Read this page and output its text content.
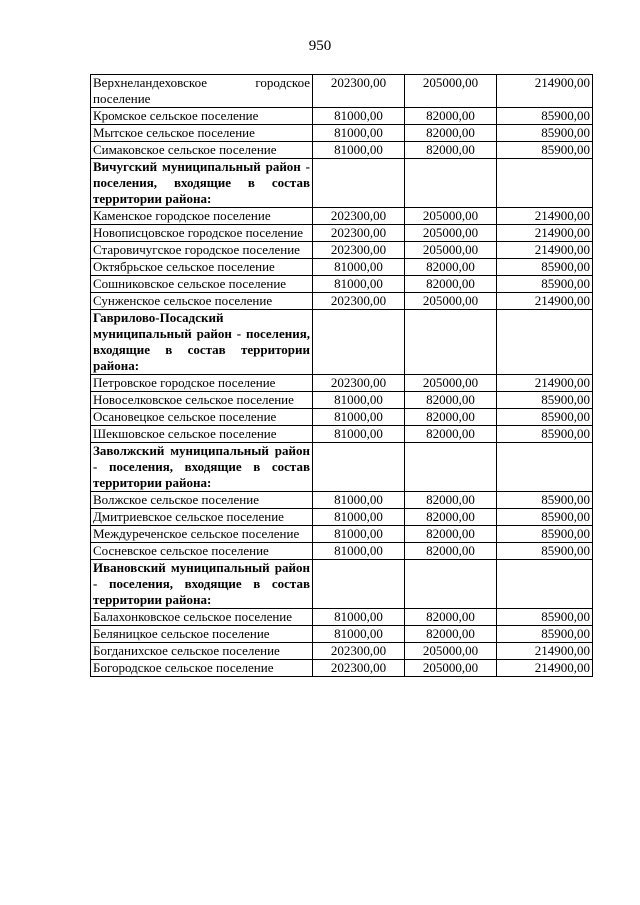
950
Верхнеландеховское городское поселение	202300,00	205000,00	214900,00
Кромское сельское поселение	81000,00	82000,00	85900,00
Мытское сельское поселение	81000,00	82000,00	85900,00
Симаковское сельское поселение	81000,00	82000,00	85900,00
Вичугский муниципальный район - поселения, входящие в состав территории района:			
Каменское городское поселение	202300,00	205000,00	214900,00
Новописцовское городское поселение	202300,00	205000,00	214900,00
Старовичугское городское поселение	202300,00	205000,00	214900,00
Октябрьское сельское поселение	81000,00	82000,00	85900,00
Сошниковское сельское поселение	81000,00	82000,00	85900,00
Сунженское сельское поселение	202300,00	205000,00	214900,00
Гаврилово-Посадский муниципальный район - поселения, входящие в состав территории района:			
Петровское городское поселение	202300,00	205000,00	214900,00
Новоселковское сельское поселение	81000,00	82000,00	85900,00
Осановецкое сельское поселение	81000,00	82000,00	85900,00
Шекшовское сельское поселение	81000,00	82000,00	85900,00
Заволжский муниципальный район - поселения, входящие в состав территории района:			
Волжское сельское поселение	81000,00	82000,00	85900,00
Дмитриевское сельское поселение	81000,00	82000,00	85900,00
Междуреченское сельское поселение	81000,00	82000,00	85900,00
Сосневское сельское поселение	81000,00	82000,00	85900,00
Ивановский муниципальный район - поселения, входящие в состав территории района:			
Балахонковское сельское поселение	81000,00	82000,00	85900,00
Беляницкое сельское поселение	81000,00	82000,00	85900,00
Богданихское сельское поселение	202300,00	205000,00	214900,00
Богородское сельское поселение	202300,00	205000,00	214900,00
